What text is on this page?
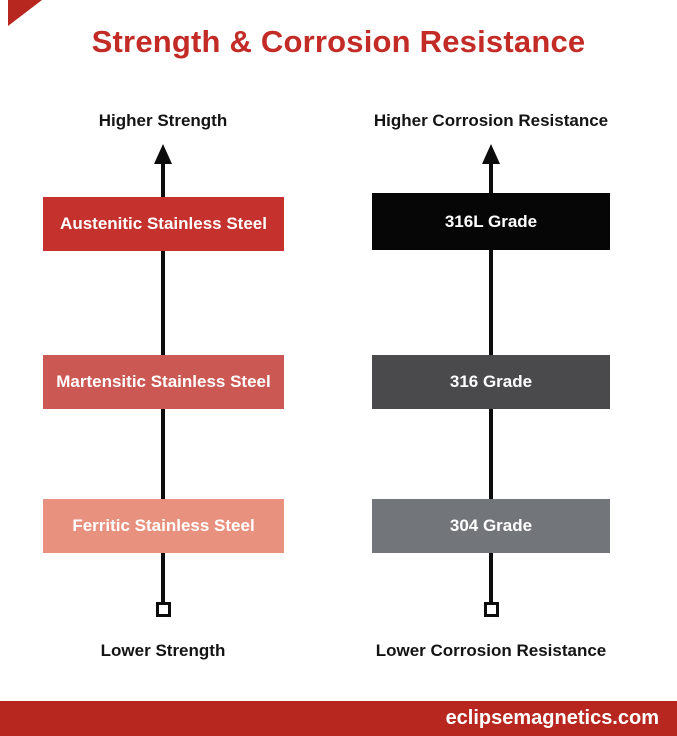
Strength & Corrosion Resistance
Higher Strength
Austenitic Stainless Steel
Martensitic Stainless Steel
Ferritic Stainless Steel
Lower Strength
Higher Corrosion Resistance
316L Grade
316 Grade
304 Grade
Lower Corrosion Resistance
eclipsemagnetics.com
